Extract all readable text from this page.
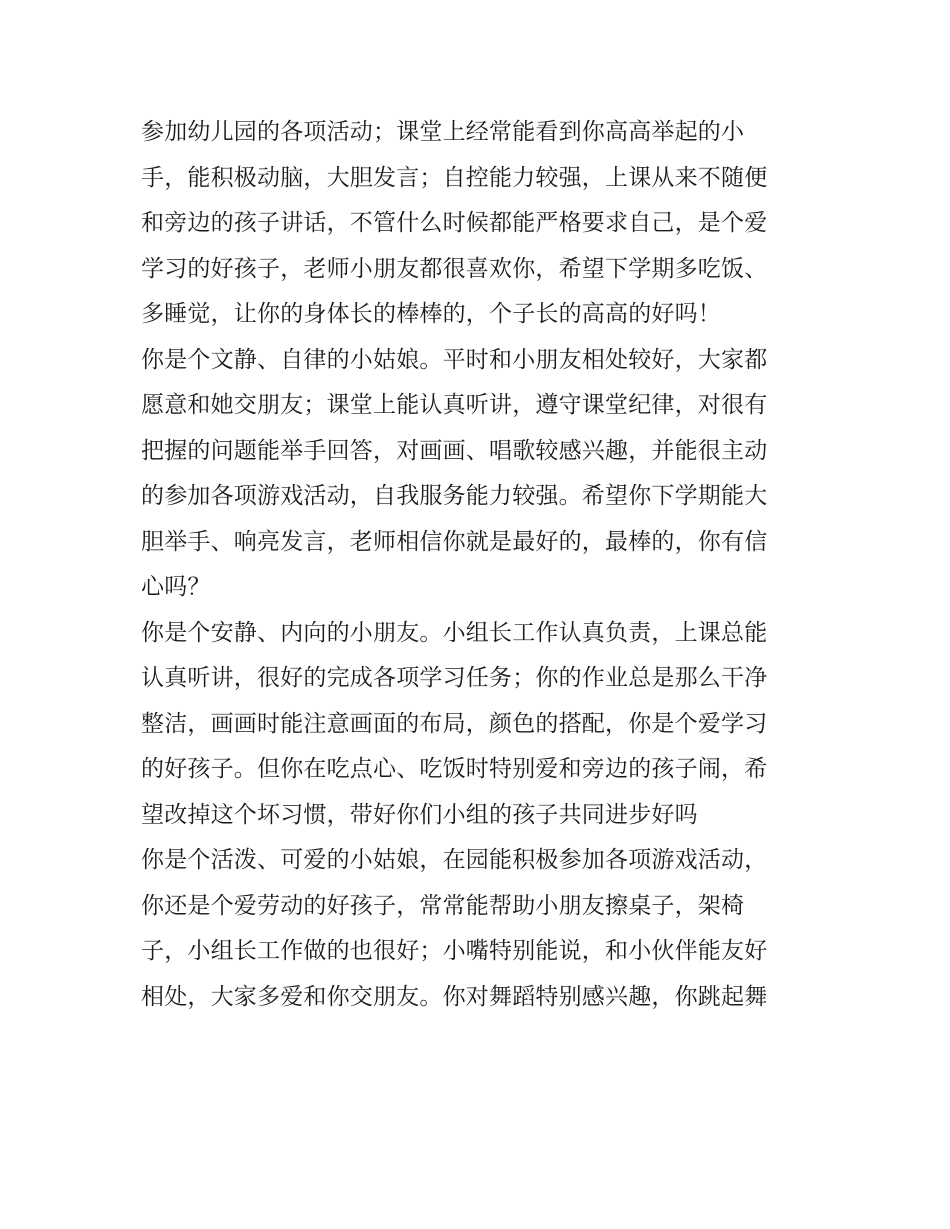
参加幼儿园的各项活动；课堂上经常能看到你高高举起的小
手，能积极动脑，大胆发言；自控能力较强，上课从来不随便
和旁边的孩子讲话，不管什么时候都能严格要求自己，是个爱
学习的好孩子，老师小朋友都很喜欢你，希望下学期多吃饭、
多睡觉，让你的身体长的棒棒的，个子长的高高的好吗！
你是个文静、自律的小姑娘。平时和小朋友相处较好，大家都
愿意和她交朋友；课堂上能认真听讲，遵守课堂纪律，对很有
把握的问题能举手回答，对画画、唱歌较感兴趣，并能很主动
的参加各项游戏活动，自我服务能力较强。希望你下学期能大
胆举手、响亮发言，老师相信你就是最好的，最棒的，你有信
心吗？
你是个安静、内向的小朋友。小组长工作认真负责，上课总能
认真听讲，很好的完成各项学习任务；你的作业总是那么干净
整洁，画画时能注意画面的布局，颜色的搭配，你是个爱学习
的好孩子。但你在吃点心、吃饭时特别爱和旁边的孩子闹，希
望改掉这个坏习惯，带好你们小组的孩子共同进步好吗
你是个活泼、可爱的小姑娘，在园能积极参加各项游戏活动，
你还是个爱劳动的好孩子，常常能帮助小朋友擦桌子，架椅
子，小组长工作做的也很好；小嘴特别能说，和小伙伴能友好
相处，大家多爱和你交朋友。你对舞蹈特别感兴趣，你跳起舞
